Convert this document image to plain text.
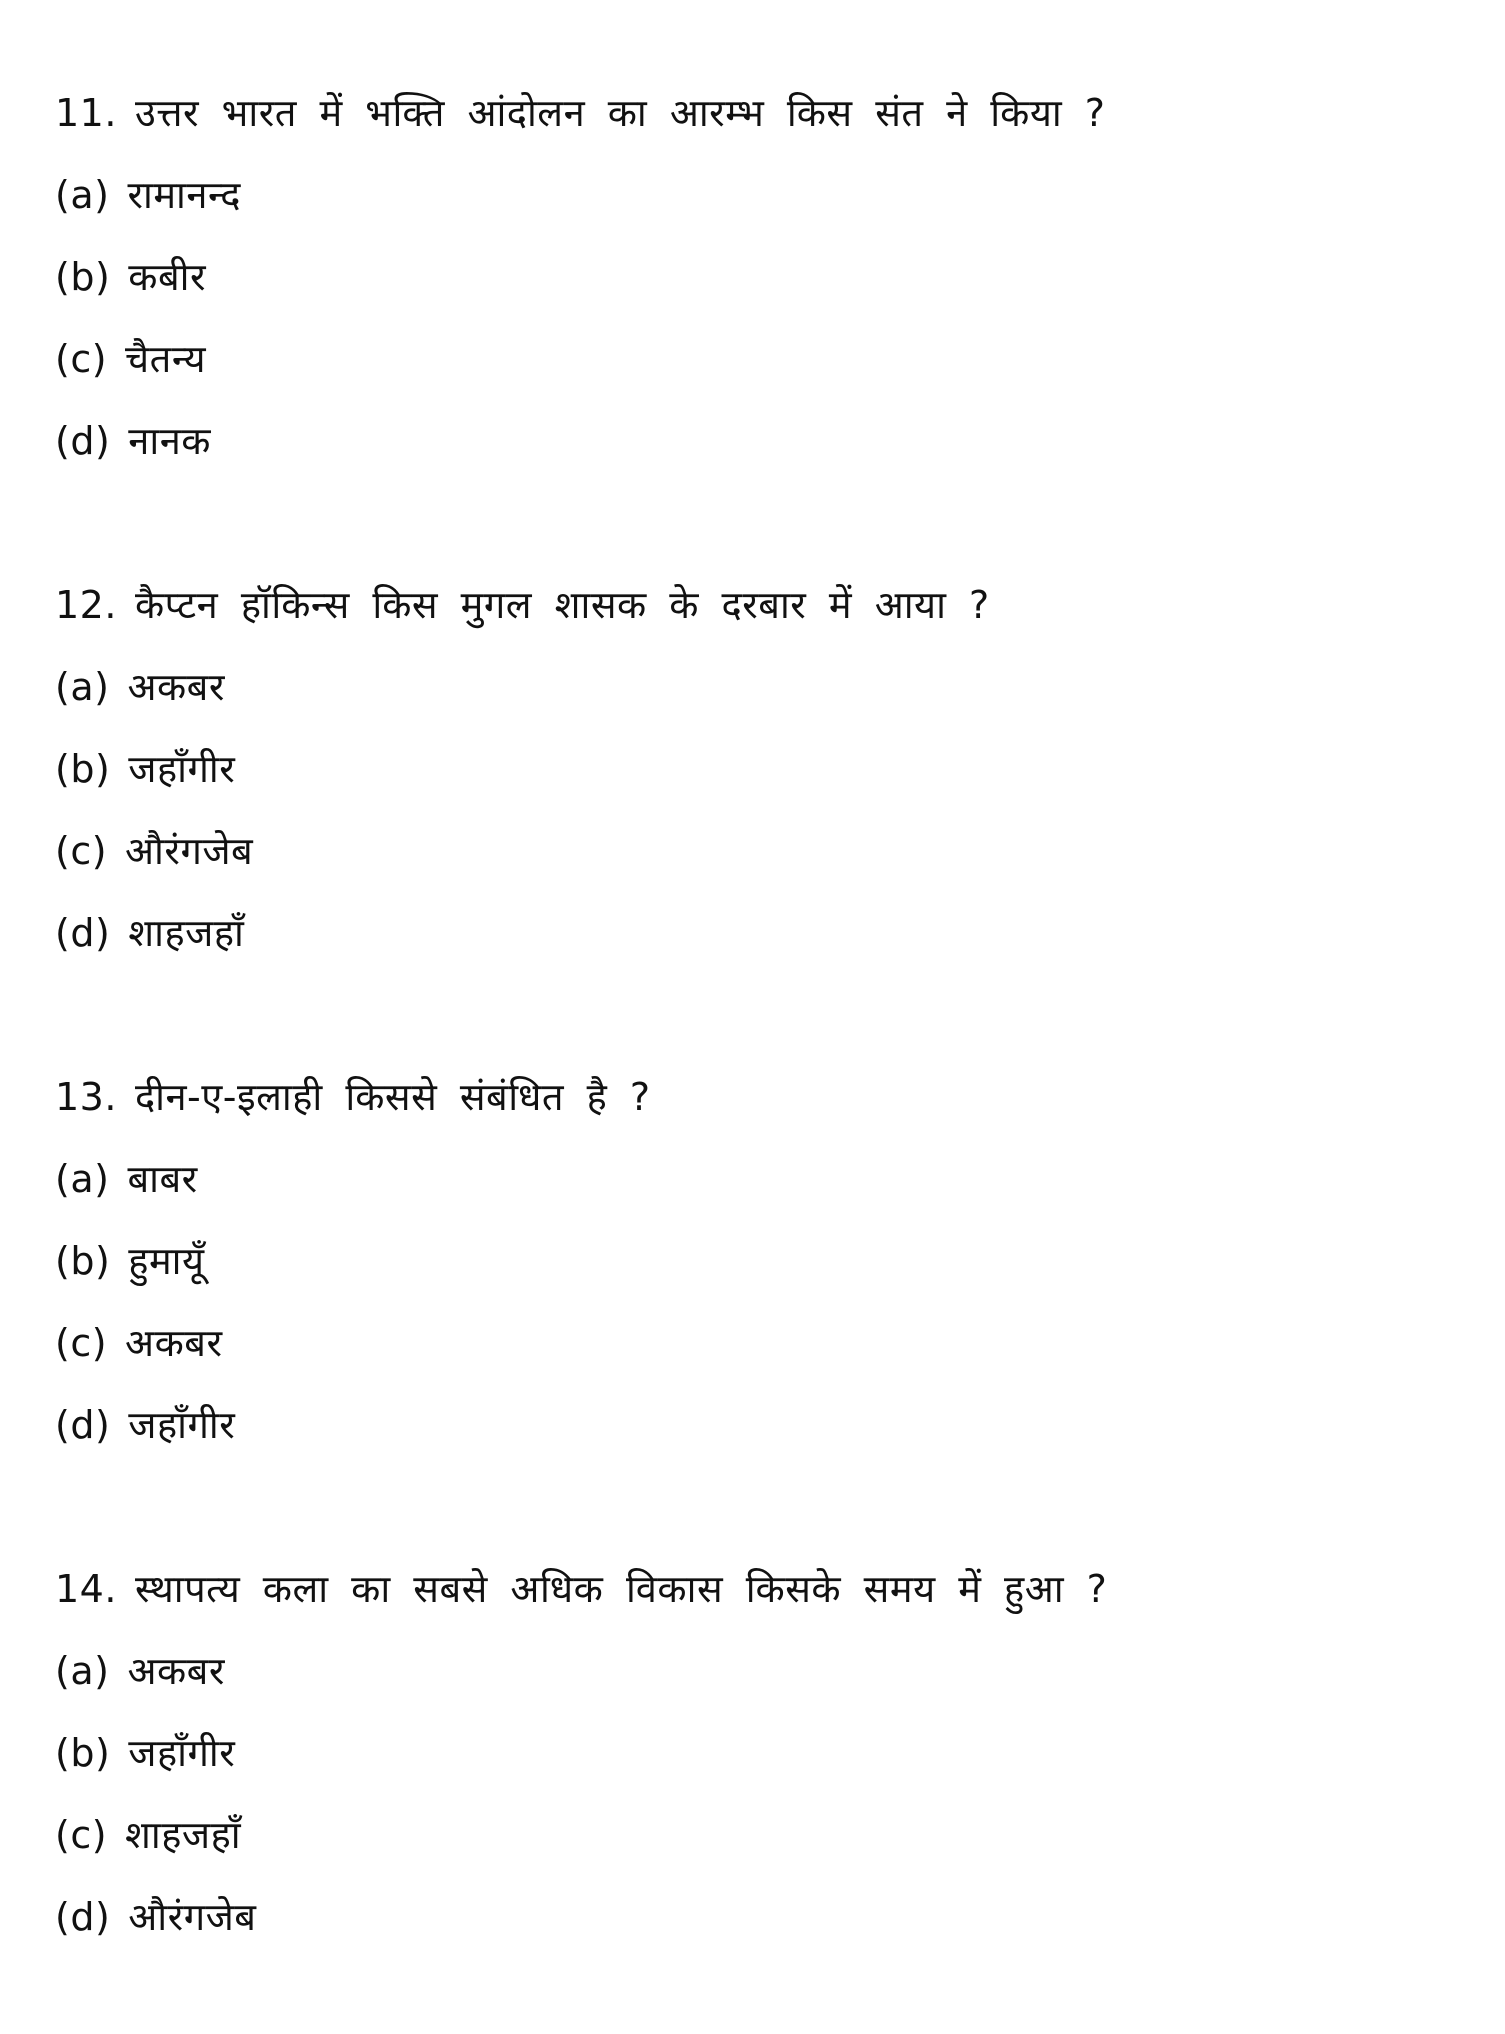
11. उत्तर भारत में भक्ति आंदोलन का आरम्भ किस संत ने किया ?
(a) रामानन्द
(b) कबीर
(c) चैतन्य
(d) नानक
12. कैप्टन हॉकिन्स किस मुगल शासक के दरबार में आया ?
(a) अकबर
(b) जहाँगीर
(c) औरंगजेब
(d) शाहजहाँ
13. दीन-ए-इलाही किससे संबंधित है ?
(a) बाबर
(b) हुमायूँ
(c) अकबर
(d) जहाँगीर
14. स्थापत्य कला का सबसे अधिक विकास किसके समय में हुआ ?
(a) अकबर
(b) जहाँगीर
(c) शाहजहाँ
(d) औरंगजेब
